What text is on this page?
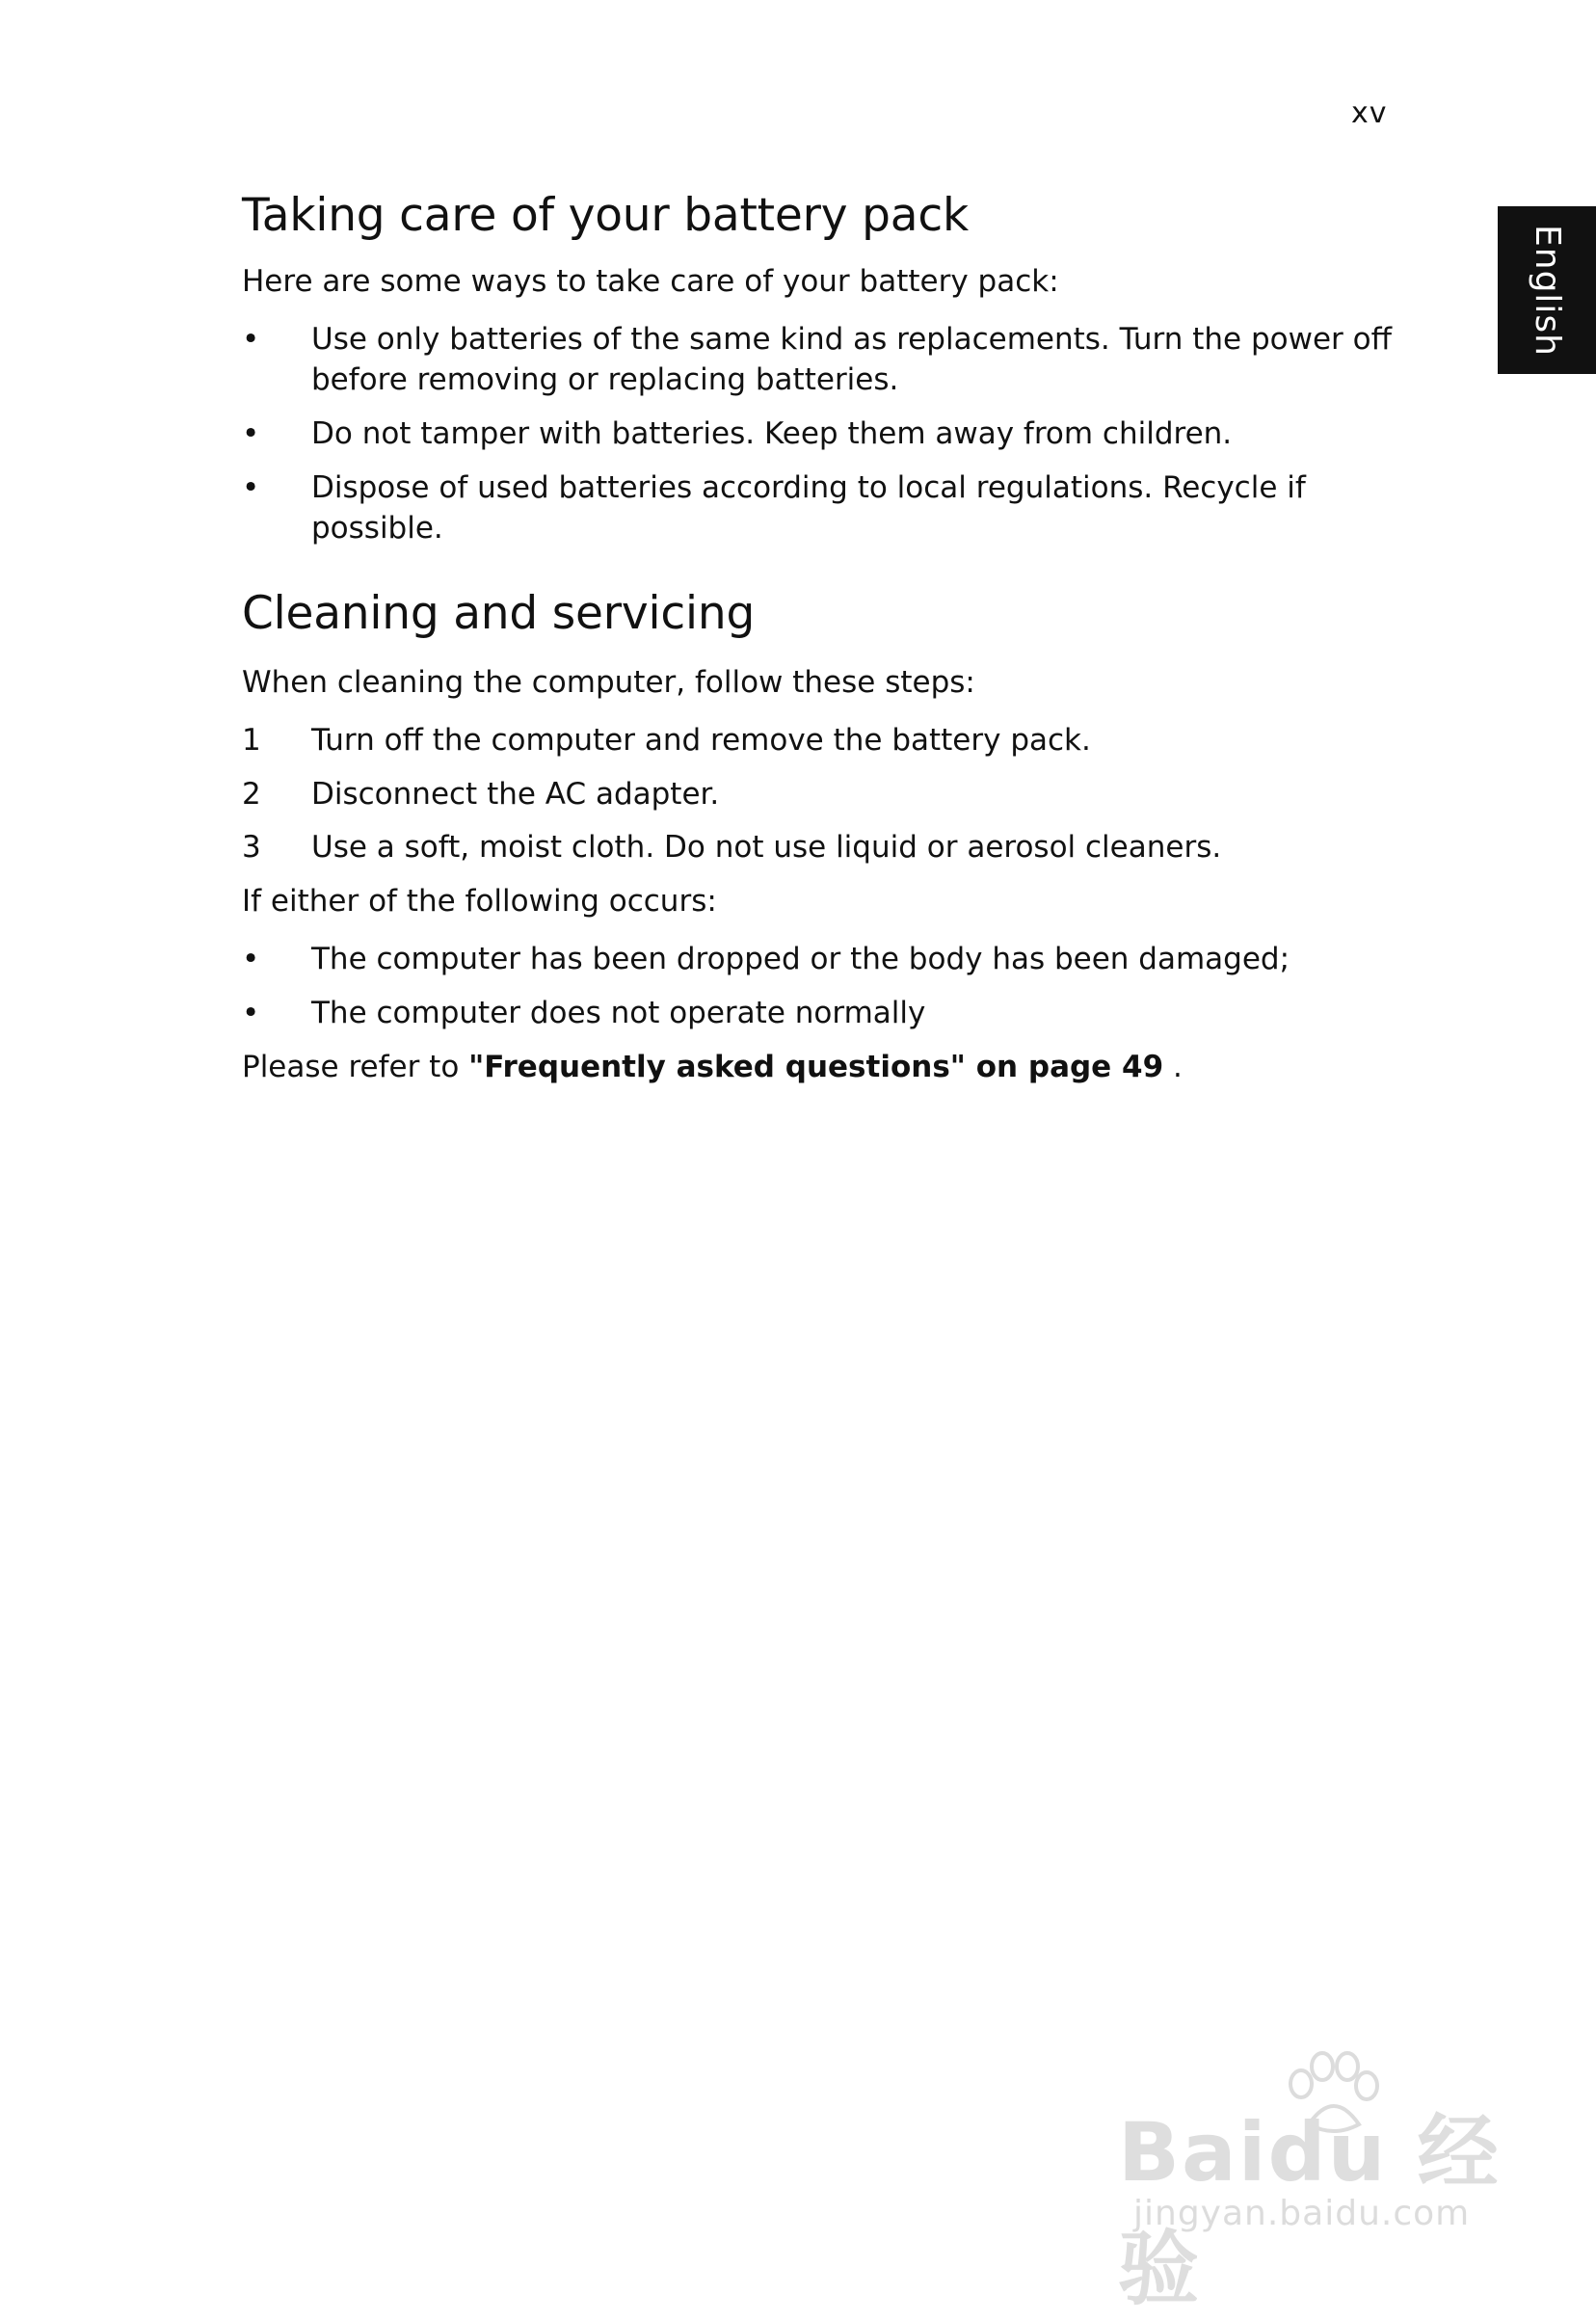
xv
English
Taking care of your battery pack

Here are some ways to take care of your battery pack:

• Use only batteries of the same kind as replacements. Turn the power off before removing or replacing batteries.
• Do not tamper with batteries. Keep them away from children.
• Dispose of used batteries according to local regulations. Recycle if possible.
Cleaning and servicing

When cleaning the computer, follow these steps:

1 Turn off the computer and remove the battery pack.
2 Disconnect the AC adapter.
3 Use a soft, moist cloth. Do not use liquid or aerosol cleaners.

If either of the following occurs:

• The computer has been dropped or the body has been damaged;
• The computer does not operate normally

Please refer to "Frequently asked questions" on page 49 .

Baidu 经验
jingyan.baidu.com
